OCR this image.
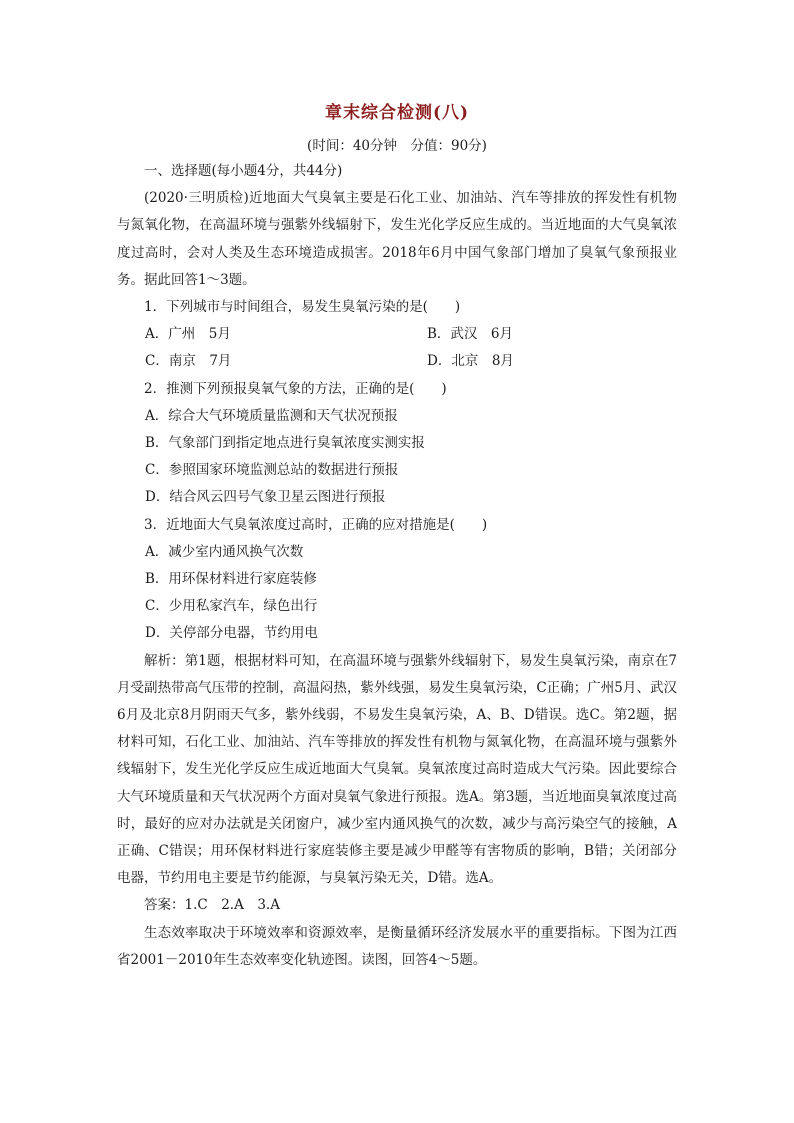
章末综合检测(八)
(时间：40分钟　分值：90分)

一、选择题(每小题4分，共44分)

(2020·三明质检)近地面大气臭氧主要是石化工业、加油站、汽车等排放的挥发性有机物与氮氧化物，在高温环境与强紫外线辐射下，发生光化学反应生成的。当近地面的大气臭氧浓度过高时，会对人类及生态环境造成损害。2018年6月中国气象部门增加了臭氧气象预报业务。据此回答1～3题。

1．下列城市与时间组合，易发生臭氧污染的是(　　)

A．广州　5月	B．武汉　6月
C．南京　7月	D．北京　8月

2．推测下列预报臭氧气象的方法，正确的是(　　)

A．综合大气环境质量监测和天气状况预报

B．气象部门到指定地点进行臭氧浓度实测实报

C．参照国家环境监测总站的数据进行预报

D．结合风云四号气象卫星云图进行预报

3．近地面大气臭氧浓度过高时，正确的应对措施是(　　)

A．减少室内通风换气次数

B．用环保材料进行家庭装修

C．少用私家汽车，绿色出行

D．关停部分电器，节约用电

解析：第1题，根据材料可知，在高温环境与强紫外线辐射下，易发生臭氧污染，南京在7月受副热带高气压带的控制，高温闷热，紫外线强，易发生臭氧污染，C正确；广州5月、武汉6月及北京8月阴雨天气多，紫外线弱，不易发生臭氧污染，A、B、D错误。选C。第2题，据材料可知，石化工业、加油站、汽车等排放的挥发性有机物与氮氧化物，在高温环境与强紫外线辐射下，发生光化学反应生成近地面大气臭氧。臭氧浓度过高时造成大气污染。因此要综合大气环境质量和天气状况两个方面对臭氧气象进行预报。选A。第3题，当近地面臭氧浓度过高时，最好的应对办法就是关闭窗户，减少室内通风换气的次数，减少与高污染空气的接触，A正确、C错误；用环保材料进行家庭装修主要是减少甲醛等有害物质的影响，B错；关闭部分电器，节约用电主要是节约能源，与臭氧污染无关，D错。选A。

答案：1.C　2.A　3.A

生态效率取决于环境效率和资源效率，是衡量循环经济发展水平的重要指标。下图为江西省2001－2010年生态效率变化轨迹图。读图，回答4～5题。
